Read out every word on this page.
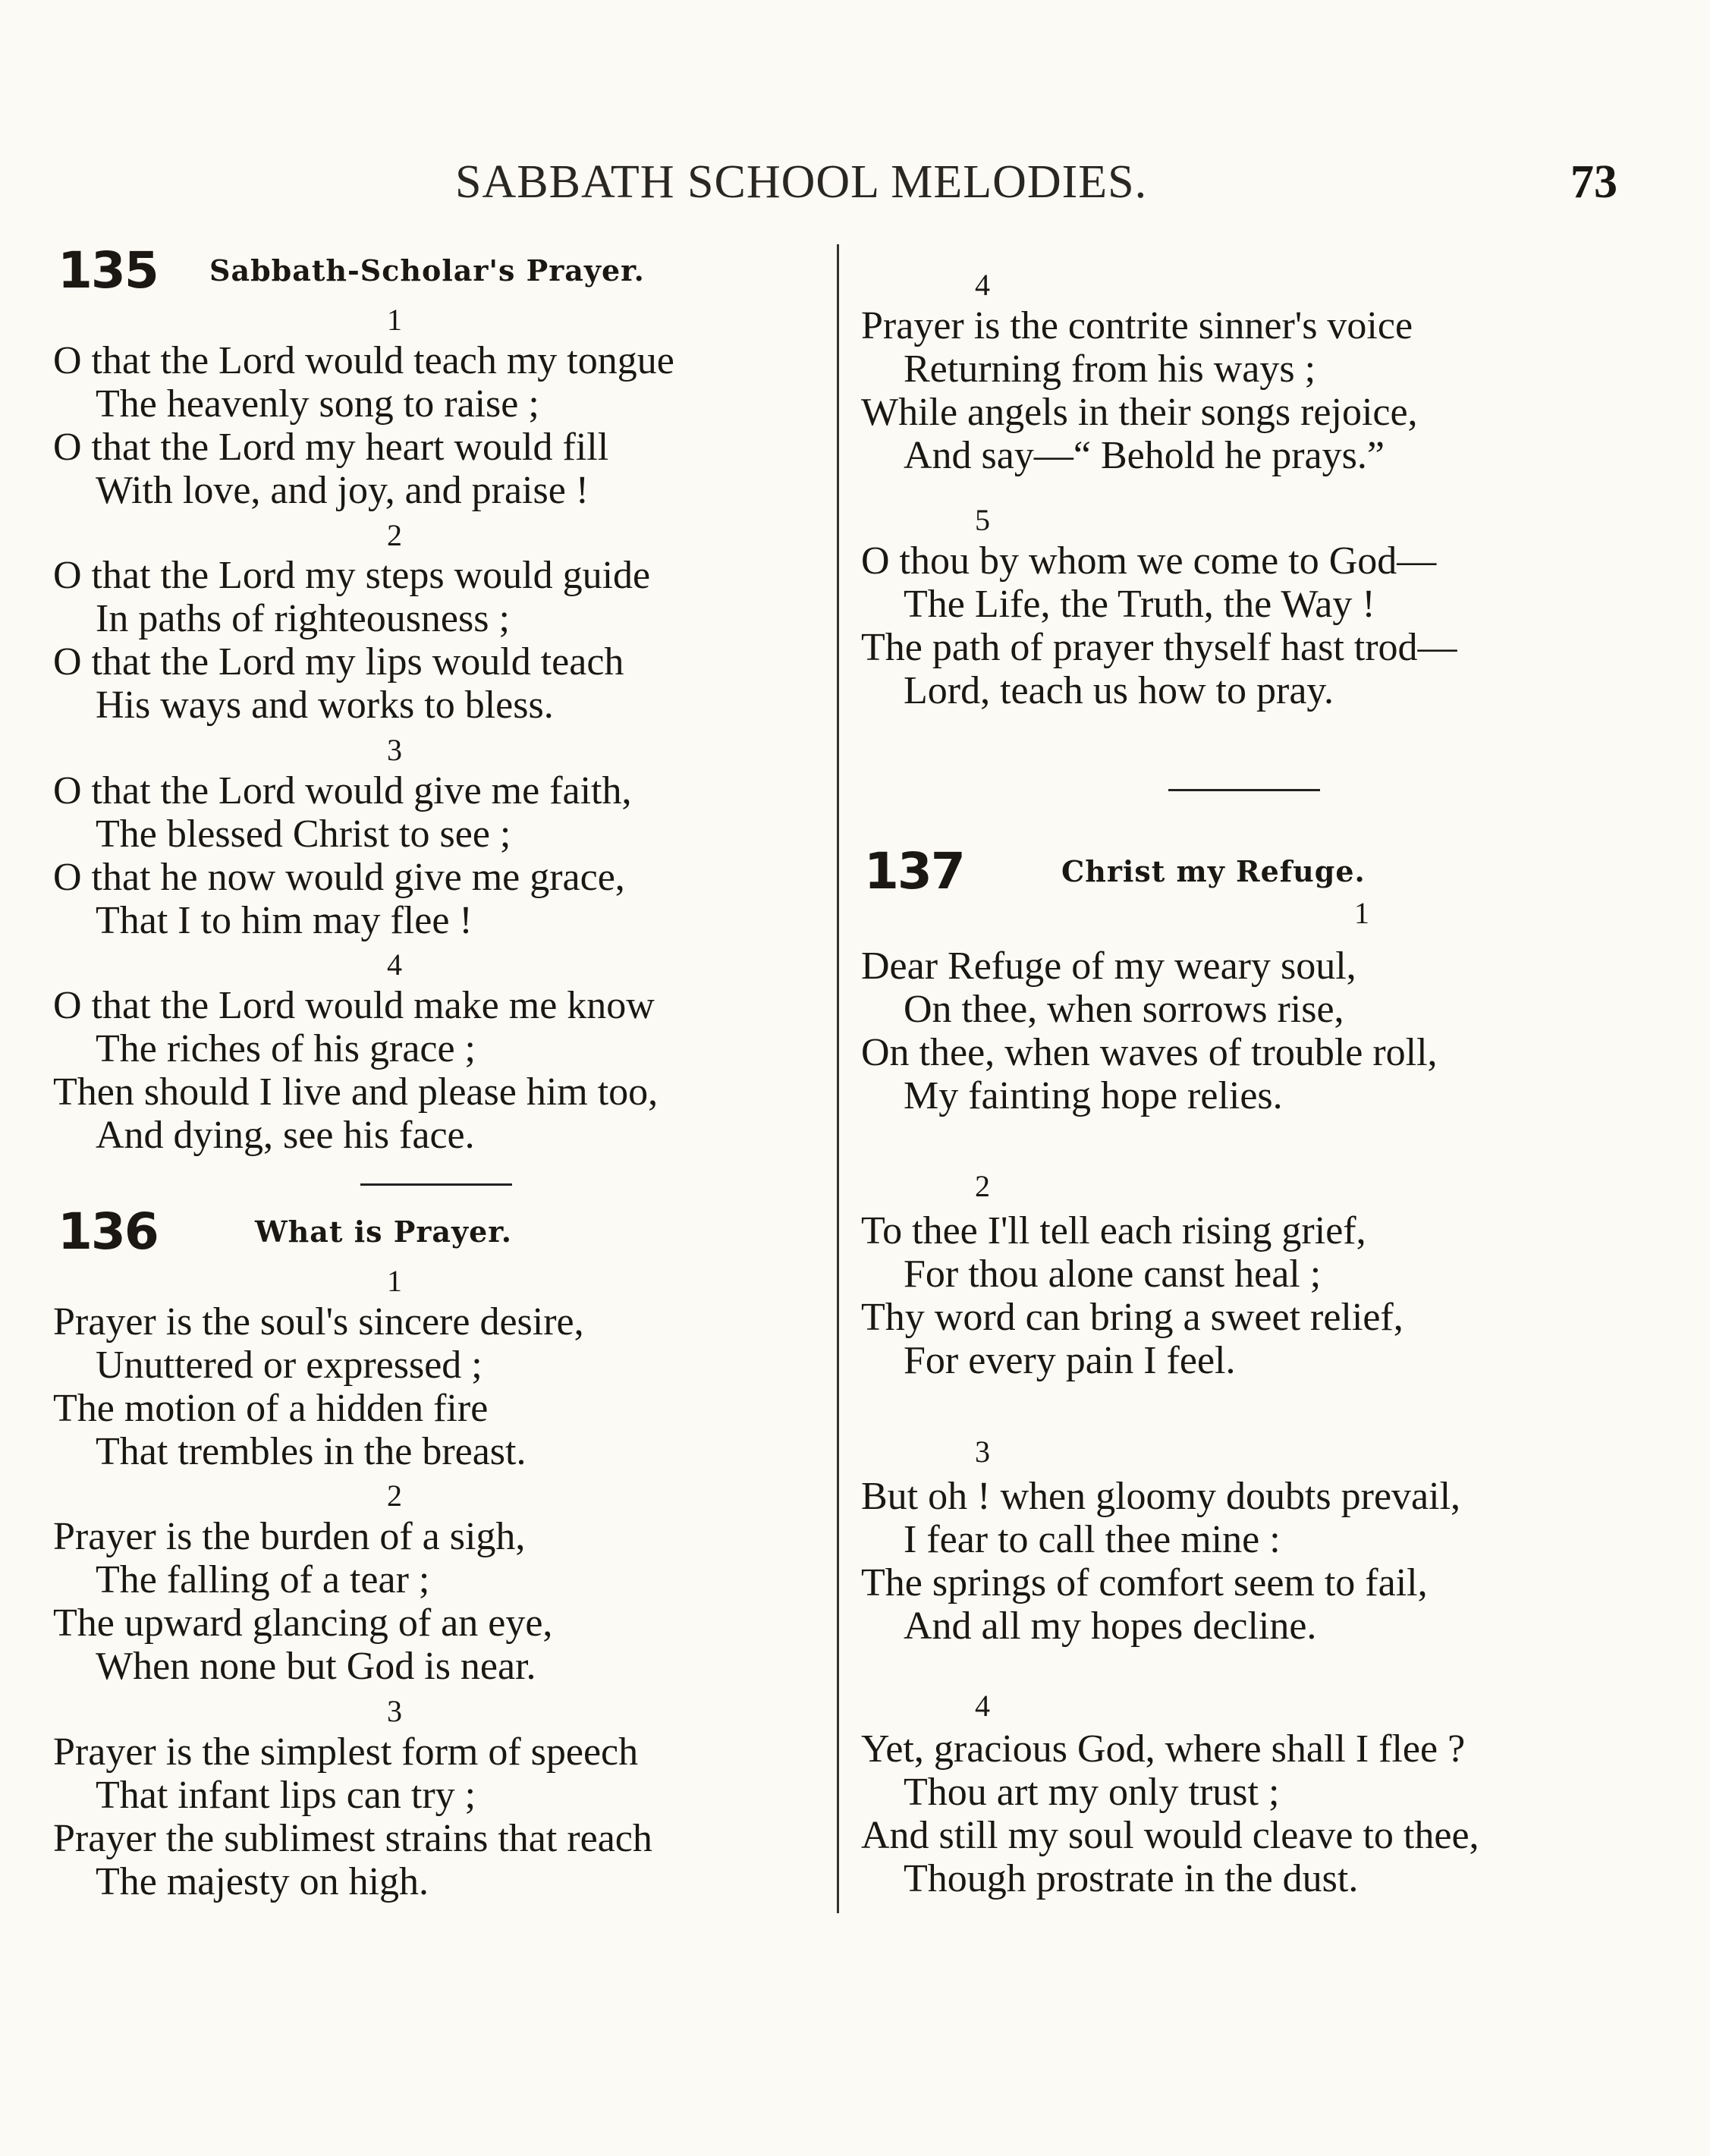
SABBATH SCHOOL MELODIES.	73
135 Sabbath-Scholar's Prayer.
1
O that the Lord would teach my tongue
The heavenly song to raise ;
O that the Lord my heart would fill
With love, and joy, and praise !
2
O that the Lord my steps would guide
In paths of righteousness ;
O that the Lord my lips would teach
His ways and works to bless.
3
O that the Lord would give me faith,
The blessed Christ to see ;
O that he now would give me grace,
That I to him may flee !
4
O that the Lord would make me know
The riches of his grace ;
Then should I live and please him too,
And dying, see his face.
136	What is Prayer.
1
Prayer is the soul's sincere desire,
Unuttered or expressed ;
The motion of a hidden fire
That trembles in the breast.
2
Prayer is the burden of a sigh,
The falling of a tear ;
The upward glancing of an eye,
When none but God is near.
3
Prayer is the simplest form of speech
That infant lips can try ;
Prayer the sublimest strains that reach
The majesty on high.
4
Prayer is the contrite sinner's voice
Returning from his ways ;
While angels in their songs rejoice,
And say—“ Behold he prays.”
5
O thou by whom we come to God—
The Life, the Truth, the Way !
The path of prayer thyself hast trod—
Lord, teach us how to pray.
137	Christ my Refuge.
1
Dear Refuge of my weary soul,
On thee, when sorrows rise,
On thee, when waves of trouble roll,
My fainting hope relies.
2
To thee I'll tell each rising grief,
For thou alone canst heal ;
Thy word can bring a sweet relief,
For every pain I feel.
3
But oh ! when gloomy doubts prevail,
I fear to call thee mine :
The springs of comfort seem to fail,
And all my hopes decline.
4
Yet, gracious God, where shall I flee ?
Thou art my only trust ;
And still my soul would cleave to thee,
Though prostrate in the dust.
